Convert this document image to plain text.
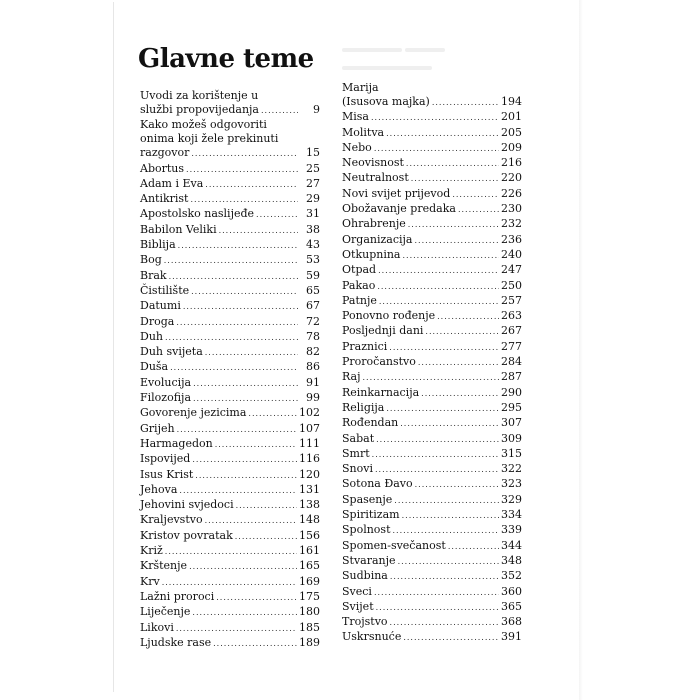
Glavne teme
Uvodi za korištenje u
službi propovijedanja .....	9
Kako možeš odgovoriti
onima koji žele prekinuti
razgovor .....	15
Abortus .....	25
Adam i Eva .....	27
Antikrist .....	29
Apostolsko naslijeđe .....	31
Babilon Veliki .....	38
Biblija .....	43
Bog .....	53
Brak .....	59
Čistilište .....	65
Datumi .....	67
Droga .....	72
Duh .....	78
Duh svijeta .....	82
Duša .....	86
Evolucija .....	91
Filozofija .....	99
Govorenje jezicima .....	102
Grijeh .....	107
Harmagedon .....	111
Ispovijed .....	116
Isus Krist .....	120
Jehova .....	131
Jehovini svjedoci .....	138
Kraljevstvo .....	148
Kristov povratak .....	156
Križ .....	161
Krštenje .....	165
Krv .....	169
Lažni proroci .....	175
Liječenje .....	180
Likovi .....	185
Ljudske rase .....	189
Marija
(Isusova majka) .....	194
Misa .....	201
Molitva .....	205
Nebo .....	209
Neovisnost .....	216
Neutralnost .....	220
Novi svijet prijevod .....	226
Obožavanje predaka .....	230
Ohrabrenje .....	232
Organizacija .....	236
Otkupnina .....	240
Otpad .....	247
Pakao .....	250
Patnje .....	257
Ponovno rođenje .....	263
Posljednji dani .....	267
Praznici .....	277
Proročanstvo .....	284
Raj .....	287
Reinkarnacija .....	290
Religija .....	295
Rođendan .....	307
Sabat .....	309
Smrt .....	315
Snovi .....	322
Sotona Đavo .....	323
Spasenje .....	329
Spiritizam .....	334
Spolnost .....	339
Spomen-svečanost .....	344
Stvaranje .....	348
Sudbina .....	352
Sveci .....	360
Svijet .....	365
Trojstvo .....	368
Uskrsnuće .....	391
